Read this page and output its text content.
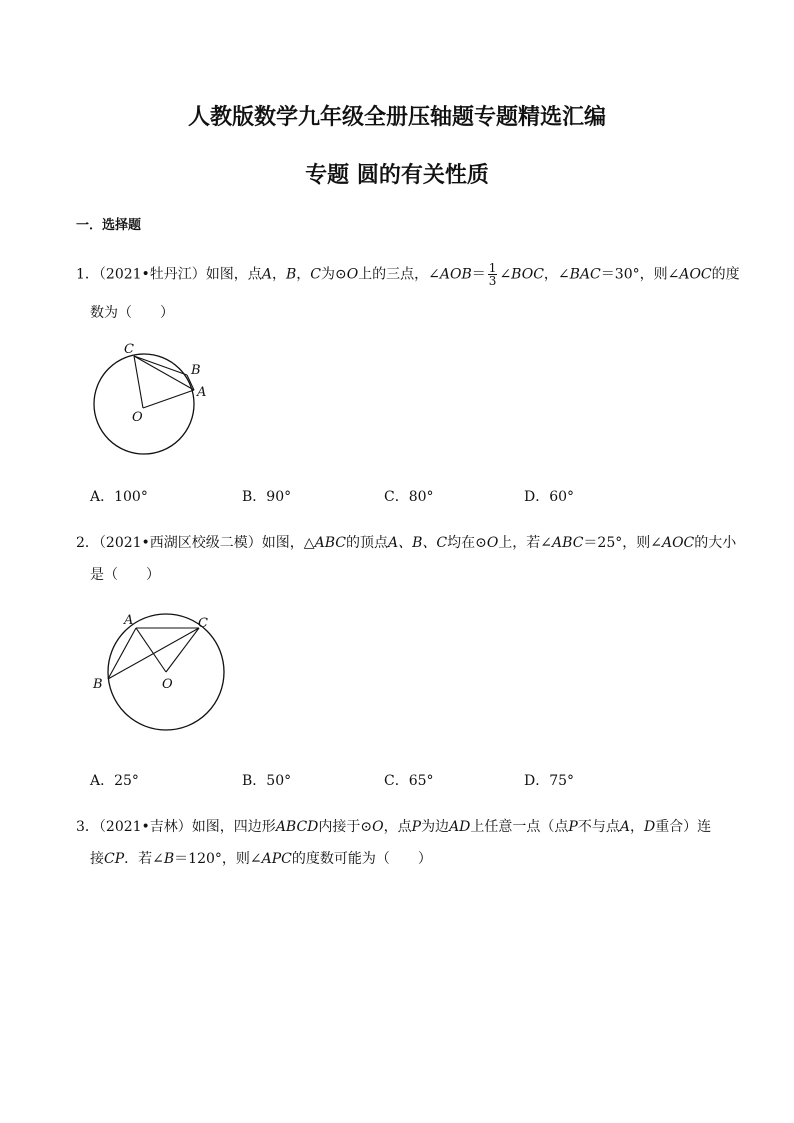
人教版数学九年级全册压轴题专题精选汇编
专题 圆的有关性质
一．选择题
1．（2021•牡丹江）如图，点A，B，C为⊙O上的三点，∠AOB＝ $\frac{1}{3}$ ∠BOC，∠BAC＝30°，则∠AOC的度
数为（　　）
C
B
A
O
A．100°	B．90°	C．80°	D．60°
2．（2021•西湖区校级二模）如图，△ABC的顶点A、B、C均在⊙O上，若∠ABC＝25°，则∠AOC的大小
是（　　）
A	C
B	O
A．25°	B．50°	C．65°	D．75°
3．（2021•吉林）如图，四边形ABCD内接于⊙O，点P为边AD上任意一点（点P不与点A，D重合）连
接CP．若∠B＝120°，则∠APC的度数可能为（　　）
